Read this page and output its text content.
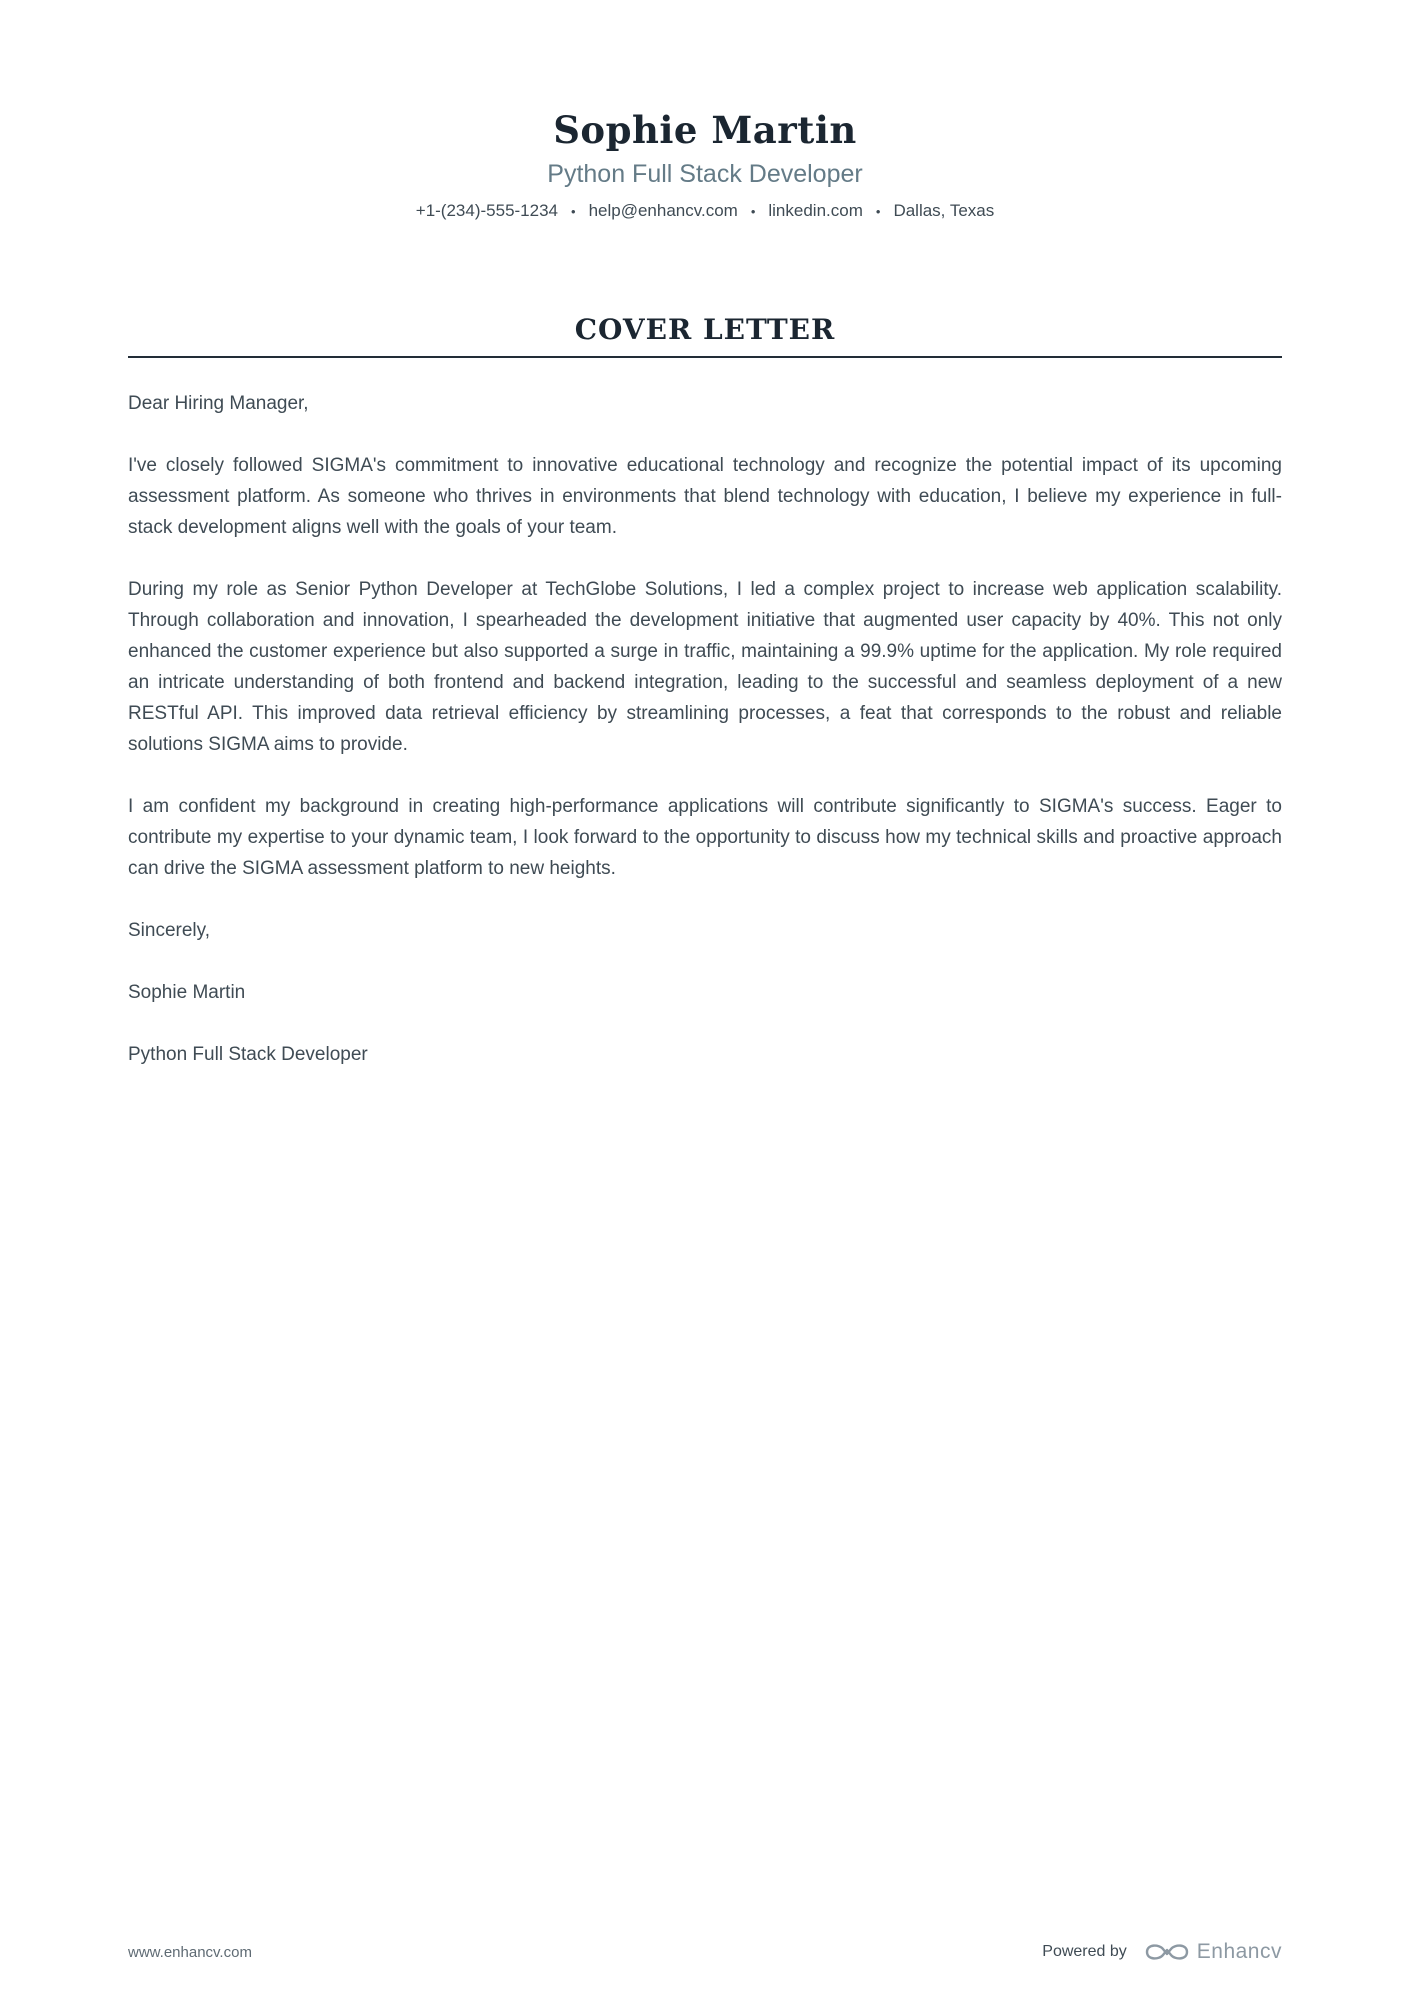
Sophie Martin
Python Full Stack Developer
+1-(234)-555-1234 • help@enhancv.com • linkedin.com • Dallas, Texas
COVER LETTER

Dear Hiring Manager,

I've closely followed SIGMA's commitment to innovative educational technology and recognize the potential impact of its upcoming assessment platform. As someone who thrives in environments that blend technology with education, I believe my experience in full-stack development aligns well with the goals of your team.

During my role as Senior Python Developer at TechGlobe Solutions, I led a complex project to increase web application scalability. Through collaboration and innovation, I spearheaded the development initiative that augmented user capacity by 40%. This not only enhanced the customer experience but also supported a surge in traffic, maintaining a 99.9% uptime for the application. My role required an intricate understanding of both frontend and backend integration, leading to the successful and seamless deployment of a new RESTful API. This improved data retrieval efficiency by streamlining processes, a feat that corresponds to the robust and reliable solutions SIGMA aims to provide.

I am confident my background in creating high-performance applications will contribute significantly to SIGMA's success. Eager to contribute my expertise to your dynamic team, I look forward to the opportunity to discuss how my technical skills and proactive approach can drive the SIGMA assessment platform to new heights.

Sincerely,

Sophie Martin

Python Full Stack Developer

www.enhancv.com	Powered by	Enhancv
